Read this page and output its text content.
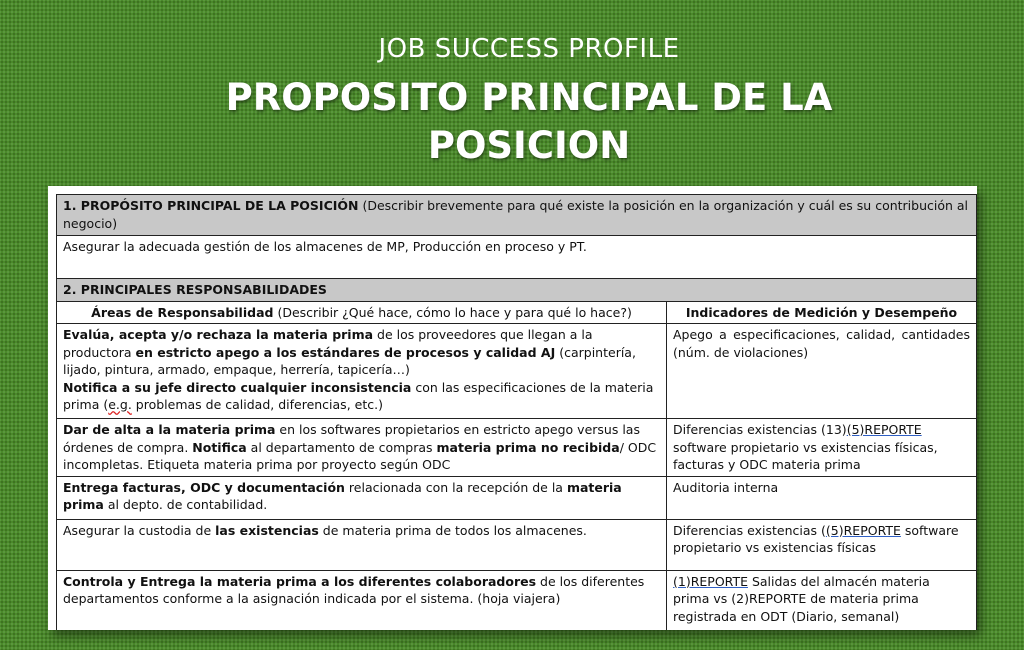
JOB SUCCESS PROFILE
PROPOSITO PRINCIPAL DE LA
POSICION
1. PROPÓSITO PRINCIPAL DE LA POSICIÓN (Describir brevemente para qué existe la posición en la organización y cuál es su contribución al negocio)	
Asegurar la adecuada gestión de los almacenes de MP, Producción en proceso y PT.	
2. PRINCIPALES RESPONSABILIDADES	
Áreas de Responsabilidad (Describir ¿Qué hace, cómo lo hace y para qué lo hace?)	Indicadores de Medición y Desempeño
Evalúa, acepta y/o rechaza la materia prima de los proveedores que llegan a la productora en estricto apego a los estándares de procesos y calidad AJ (carpintería, lijado, pintura, armado, empaque, herrería, tapicería…)
Notifica a su jefe directo cualquier inconsistencia con las especificaciones de la materia prima (e.g. problemas de calidad, diferencias, etc.)	Apego a especificaciones, calidad, cantidades (núm. de violaciones)
Dar de alta a la materia prima en los softwares propietarios en estricto apego versus las órdenes de compra. Notifica al departamento de compras materia prima no recibida/ ODC incompletas. Etiqueta materia prima por proyecto según ODC	Diferencias existencias (13)(5)REPORTE software propietario vs existencias físicas, facturas y ODC materia prima
Entrega facturas, ODC y documentación relacionada con la recepción de la materia prima al depto. de contabilidad.	Auditoria interna
Asegurar la custodia de las existencias de materia prima de todos los almacenes.	Diferencias existencias ((5)REPORTE software propietario vs existencias físicas
Controla y Entrega la materia prima a los diferentes colaboradores de los diferentes departamentos conforme a la asignación indicada por el sistema. (hoja viajera)	(1)REPORTE Salidas del almacén materia prima vs (2)REPORTE de materia prima registrada en ODT (Diario, semanal)
